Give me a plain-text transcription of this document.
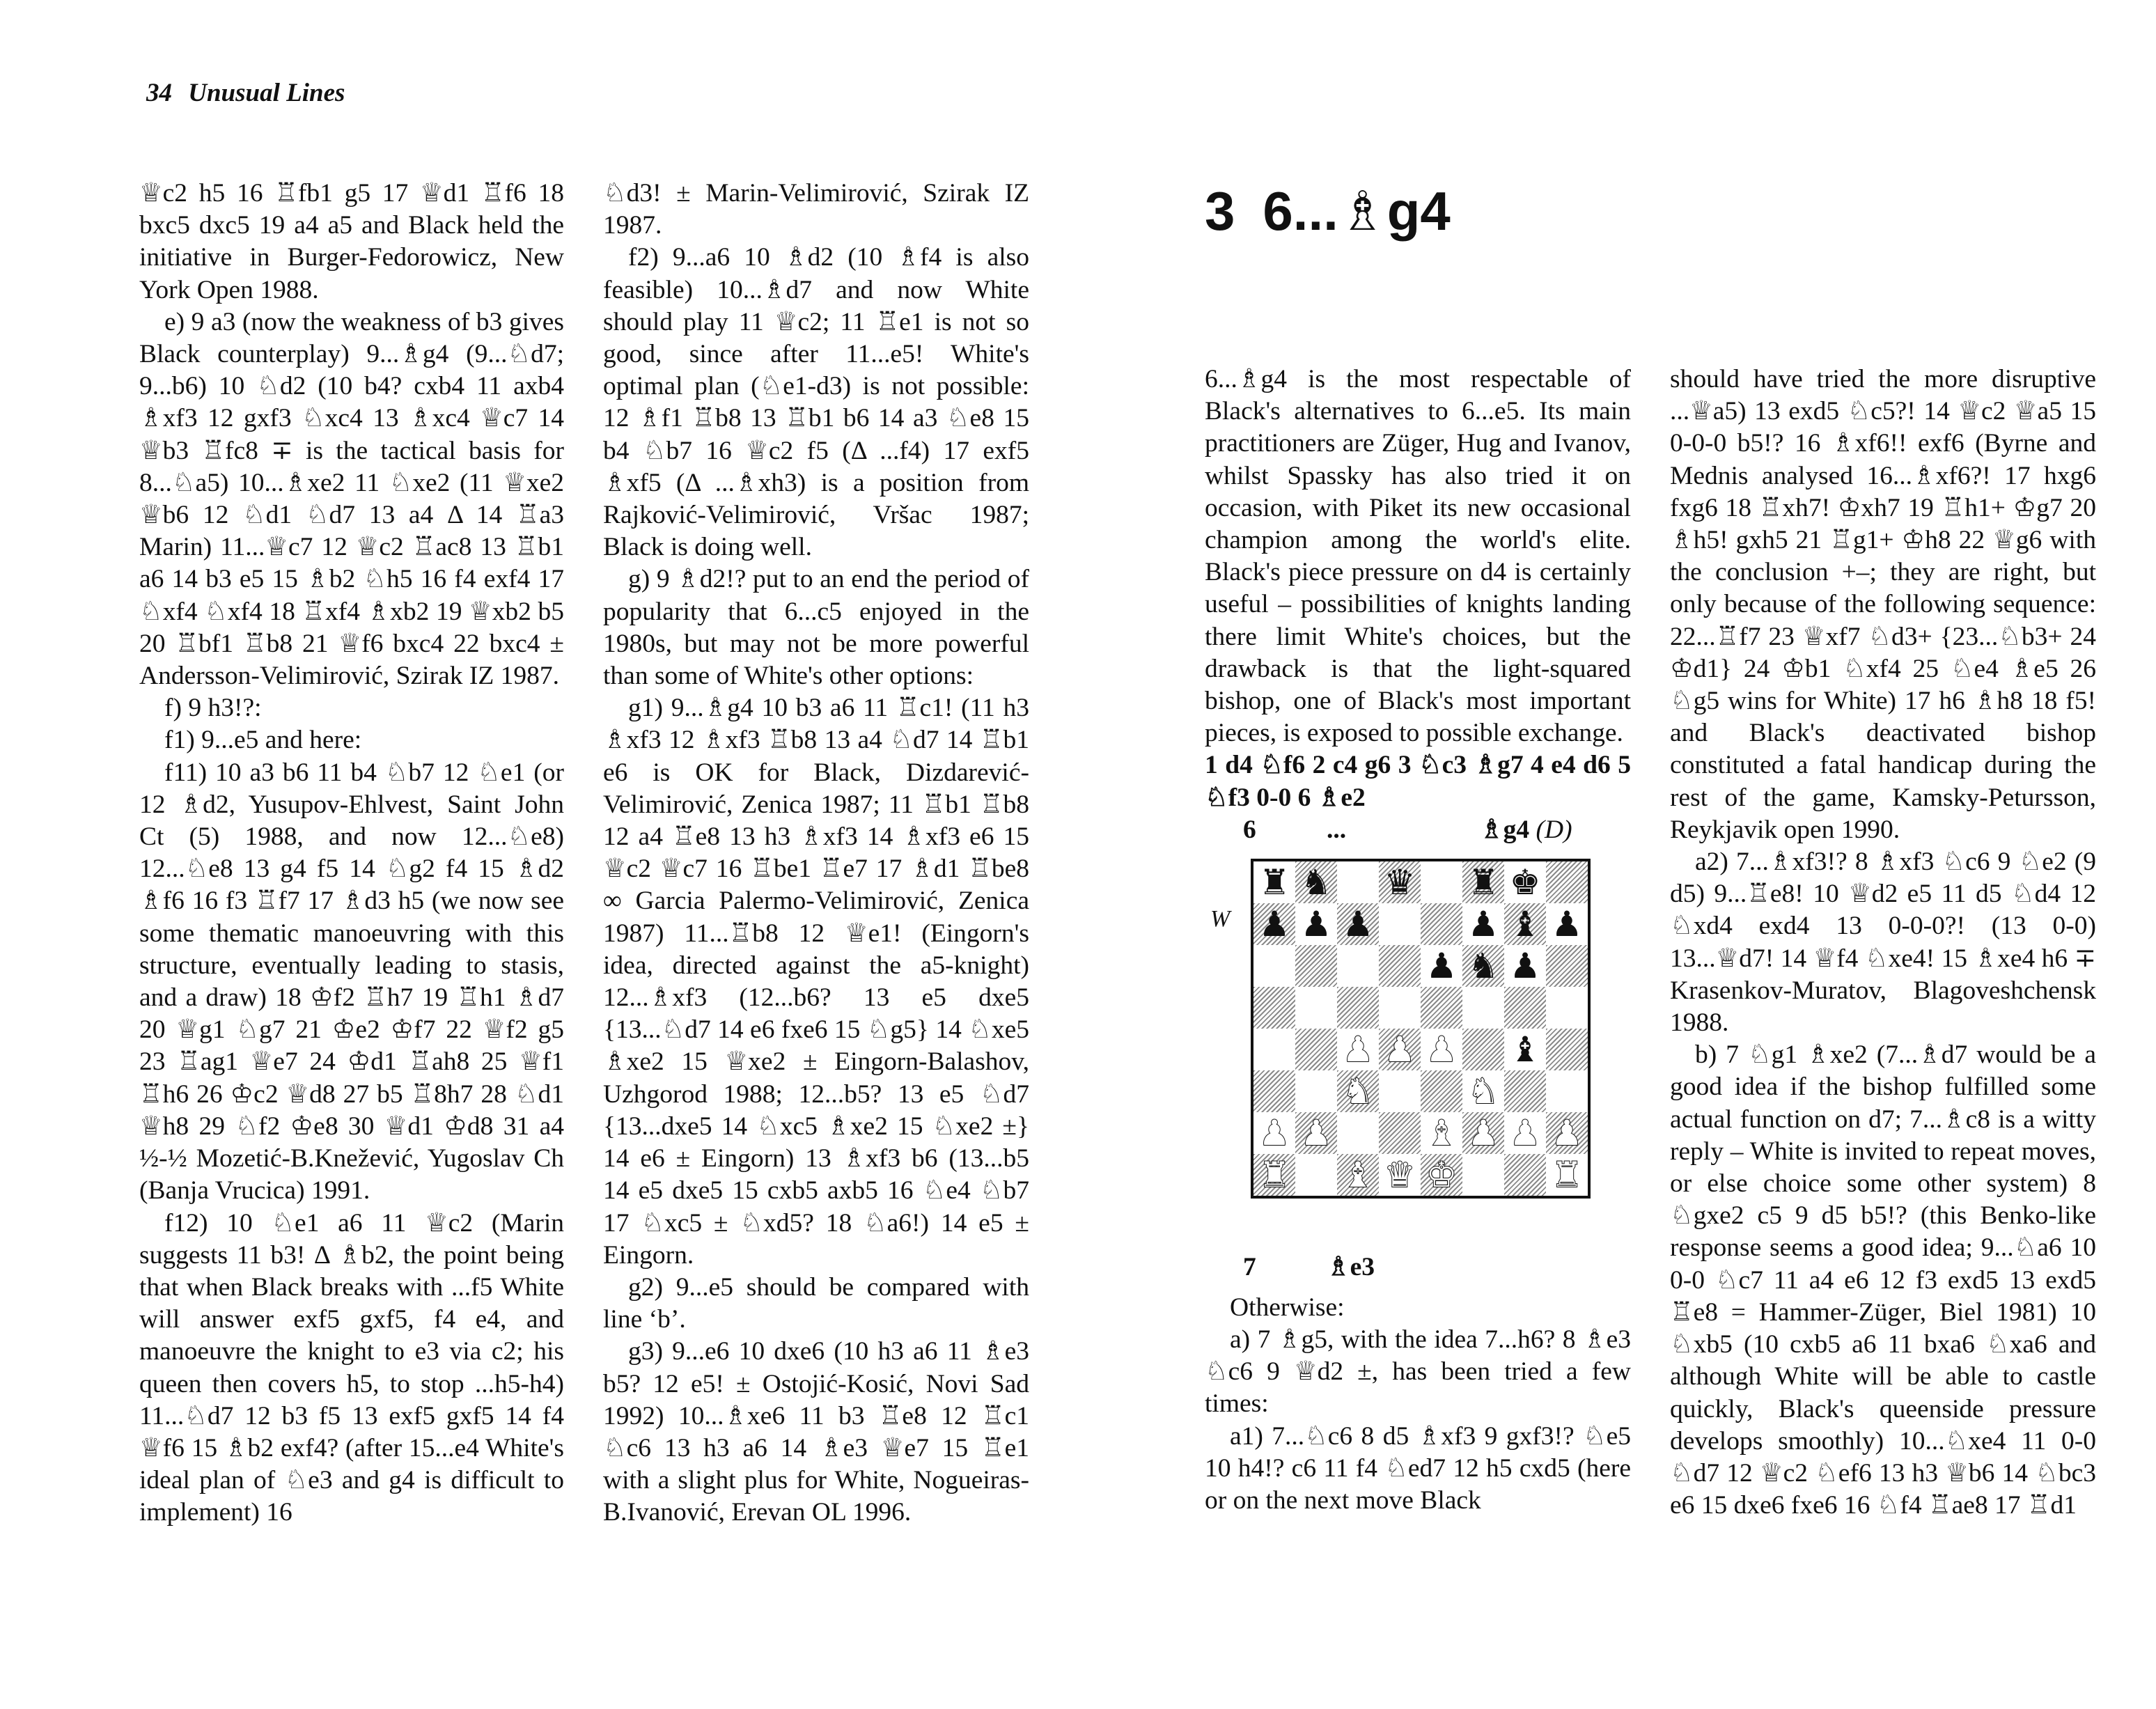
34 Unusual Lines

♕c2 h5 16 ♖fb1 g5 17 ♕d1 ♖f6 18 bxc5 dxc5 19 a4 a5 and Black held the initiative in Burger-Fedorowicz, New York Open 1988.

e) 9 a3 (now the weakness of b3 gives Black counterplay) 9...♗g4 (9...♘d7; 9...b6) 10 ♘d2 (10 b4? cxb4 11 axb4 ♗xf3 12 gxf3 ♘xc4 13 ♗xc4 ♕c7 14 ♕b3 ♖fc8 ∓ is the tactical basis for 8...♘a5) 10...♗xe2 11 ♘xe2 (11 ♕xe2 ♕b6 12 ♘d1 ♘d7 13 a4 Δ 14 ♖a3 Marin) 11...♕c7 12 ♕c2 ♖ac8 13 ♖b1 a6 14 b3 e5 15 ♗b2 ♘h5 16 f4 exf4 17 ♘xf4 ♘xf4 18 ♖xf4 ♗xb2 19 ♕xb2 b5 20 ♖bf1 ♖b8 21 ♕f6 bxc4 22 bxc4 ± Andersson-Velimirović, Szirak IZ 1987.

f) 9 h3!?:

f1) 9...e5 and here:

f11) 10 a3 b6 11 b4 ♘b7 12 ♘e1 (or 12 ♗d2, Yusupov-Ehlvest, Saint John Ct (5) 1988, and now 12...♘e8) 12...♘e8 13 g4 f5 14 ♘g2 f4 15 ♗d2 ♗f6 16 f3 ♖f7 17 ♗d3 h5 (we now see some thematic manoeuvring with this structure, eventually leading to stasis, and a draw) 18 ♔f2 ♖h7 19 ♖h1 ♗d7 20 ♕g1 ♘g7 21 ♔e2 ♔f7 22 ♕f2 g5 23 ♖ag1 ♕e7 24 ♔d1 ♖ah8 25 ♕f1 ♖h6 26 ♔c2 ♕d8 27 b5 ♖8h7 28 ♘d1 ♕h8 29 ♘f2 ♔e8 30 ♕d1 ♔d8 31 a4 ½-½ Mozetić-B.Knežević, Yugoslav Ch (Banja Vrucica) 1991.

f12) 10 ♘e1 a6 11 ♕c2 (Marin suggests 11 b3! Δ ♗b2, the point being that when Black breaks with ...f5 White will answer exf5 gxf5, f4 e4, and manoeuvre the knight to e3 via c2; his queen then covers h5, to stop ...h5-h4) 11...♘d7 12 b3 f5 13 exf5 gxf5 14 f4 ♕f6 15 ♗b2 exf4? (after 15...e4 White's ideal plan of ♘e3 and g4 is difficult to implement) 16

♘d3! ± Marin-Velimirović, Szirak IZ 1987.

f2) 9...a6 10 ♗d2 (10 ♗f4 is also feasible) 10...♗d7 and now White should play 11 ♕c2; 11 ♖e1 is not so good, since after 11...e5! White's optimal plan (♘e1-d3) is not possible: 12 ♗f1 ♖b8 13 ♖b1 b6 14 a3 ♘e8 15 b4 ♘b7 16 ♕c2 f5 (Δ ...f4) 17 exf5 ♗xf5 (Δ ...♗xh3) is a position from Rajković-Velimirović, Vršac 1987; Black is doing well.

g) 9 ♗d2!? put to an end the period of popularity that 6...c5 enjoyed in the 1980s, but may not be more powerful than some of White's other options:

g1) 9...♗g4 10 b3 a6 11 ♖c1! (11 h3 ♗xf3 12 ♗xf3 ♖b8 13 a4 ♘d7 14 ♖b1 e6 is OK for Black, Dizdarević-Velimirović, Zenica 1987; 11 ♖b1 ♖b8 12 a4 ♖e8 13 h3 ♗xf3 14 ♗xf3 e6 15 ♕c2 ♕c7 16 ♖be1 ♖e7 17 ♗d1 ♖be8 ∞ Garcia Palermo-Velimirović, Zenica 1987) 11...♖b8 12 ♕e1! (Eingorn's idea, directed against the a5-knight) 12...♗xf3 (12...b6? 13 e5 dxe5 {13...♘d7 14 e6 fxe6 15 ♘g5} 14 ♘xe5 ♗xe2 15 ♕xe2 ± Eingorn-Balashov, Uzhgorod 1988; 12...b5? 13 e5 ♘d7 {13...dxe5 14 ♘xc5 ♗xe2 15 ♘xe2 ±} 14 e6 ± Eingorn) 13 ♗xf3 b6 (13...b5 14 e5 dxe5 15 cxb5 axb5 16 ♘e4 ♘b7 17 ♘xc5 ± ♘xd5? 18 ♘a6!) 14 e5 ± Eingorn.

g2) 9...e5 should be compared with line ‘b’.

g3) 9...e6 10 dxe6 (10 h3 a6 11 ♗e3 b5? 12 e5! ± Ostojić-Kosić, Novi Sad 1992) 10...♗xe6 11 b3 ♖e8 12 ♖c1 ♘c6 13 h3 a6 14 ♗e3 ♕e7 15 ♖e1 with a slight plus for White, Nogueiras-B.Ivanović, Erevan OL 1996.

3 6...♗g4

6...♗g4 is the most respectable of Black's alternatives to 6...e5. Its main practitioners are Züger, Hug and Ivanov, whilst Spassky has also tried it on occasion, with Piket its new occasional champion among the world's elite. Black's piece pressure on d4 is certainly useful – possibilities of knights landing there limit White's choices, but the drawback is that the light-squared bishop, one of Black's most important pieces, is exposed to possible exchange.

1 d4 ♘f6 2 c4 g6 3 ♘c3 ♗g7 4 e4 d6 5 ♘f3 0-0 6 ♗e2

6	...	♗g4 (D)
W
♜ ♞ ♛ ♜ ♚
♟ ♟ ♟	♟ ♝ ♟
♟ ♞ ♟
♟ ♟ ♟ ♝
♞	♞
♟ ♟	♝ ♟ ♟ ♟
♜ ♝ ♛ ♚	♜
7	♗e3

Otherwise:

a) 7 ♗g5, with the idea 7...h6? 8 ♗e3 ♘c6 9 ♕d2 ±, has been tried a few times:

a1) 7...♘c6 8 d5 ♗xf3 9 gxf3!? ♘e5 10 h4!? c6 11 f4 ♘ed7 12 h5 cxd5 (here or on the next move Black

should have tried the more disruptive ...♕a5) 13 exd5 ♘c5?! 14 ♕c2 ♕a5 15 0-0-0 b5!? 16 ♗xf6!! exf6 (Byrne and Mednis analysed 16...♗xf6?! 17 hxg6 fxg6 18 ♖xh7! ♔xh7 19 ♖h1+ ♔g7 20 ♗h5! gxh5 21 ♖g1+ ♔h8 22 ♕g6 with the conclusion +–; they are right, but only because of the following sequence: 22...♖f7 23 ♕xf7 ♘d3+ {23...♘b3+ 24 ♔d1} 24 ♔b1 ♘xf4 25 ♘e4 ♗e5 26 ♘g5 wins for White) 17 h6 ♗h8 18 f5! and Black's deactivated bishop constituted a fatal handicap during the rest of the game, Kamsky-Petursson, Reykjavik open 1990.

a2) 7...♗xf3!? 8 ♗xf3 ♘c6 9 ♘e2 (9 d5) 9...♖e8! 10 ♕d2 e5 11 d5 ♘d4 12 ♘xd4 exd4 13 0-0-0?! (13 0-0) 13...♕d7! 14 ♕f4 ♘xe4! 15 ♗xe4 h6 ∓ Krasenkov-Muratov, Blagoveshchensk 1988.

b) 7 ♘g1 ♗xe2 (7...♗d7 would be a good idea if the bishop fulfilled some actual function on d7; 7...♗c8 is a witty reply – White is invited to repeat moves, or else choice some other system) 8 ♘gxe2 c5 9 d5 b5!? (this Benko-like response seems a good idea; 9...♘a6 10 0-0 ♘c7 11 a4 e6 12 f3 exd5 13 exd5 ♖e8 = Hammer-Züger, Biel 1981) 10 ♘xb5 (10 cxb5 a6 11 bxa6 ♘xa6 and although White will be able to castle quickly, Black's queenside pressure develops smoothly) 10...♘xe4 11 0-0 ♘d7 12 ♕c2 ♘ef6 13 h3 ♕b6 14 ♘bc3 e6 15 dxe6 fxe6 16 ♘f4 ♖ae8 17 ♖d1
